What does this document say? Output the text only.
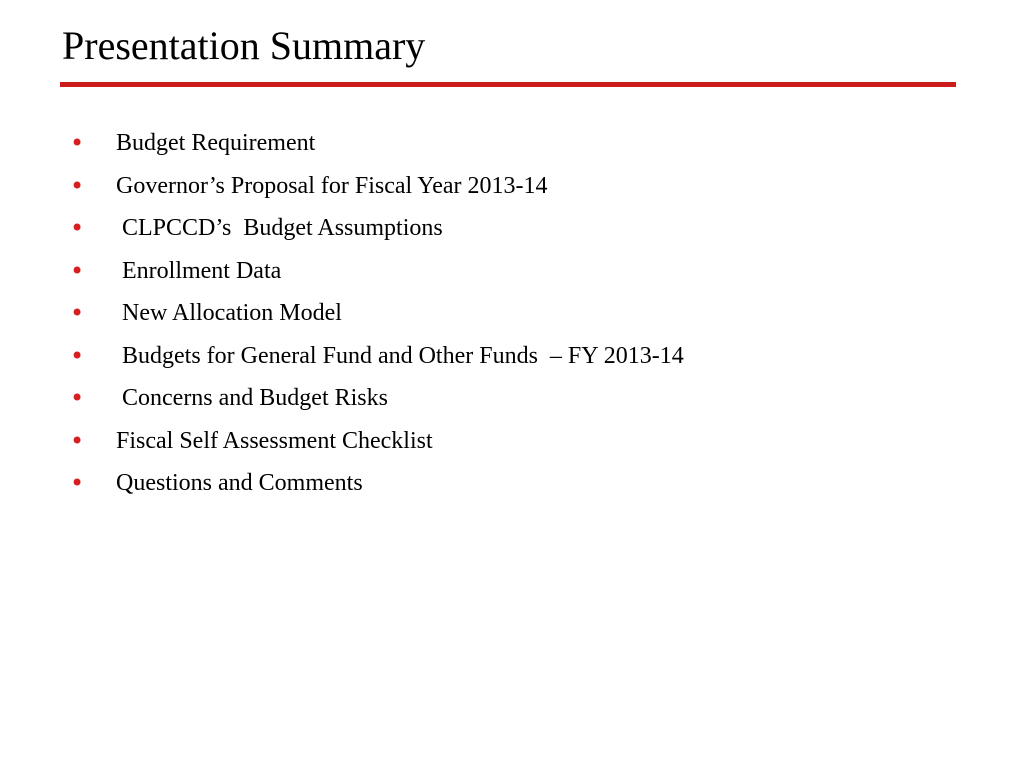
Presentation Summary

•

Budget Requirement

•

Governor’s Proposal for Fiscal Year 2013-14

•

CLPCCD’s  Budget Assumptions

•

Enrollment Data

•

New Allocation Model

•

Budgets for General Fund and Other Funds  – FY 2013-14

•

Concerns and Budget Risks

•

Fiscal Self Assessment Checklist

•

Questions and Comments
